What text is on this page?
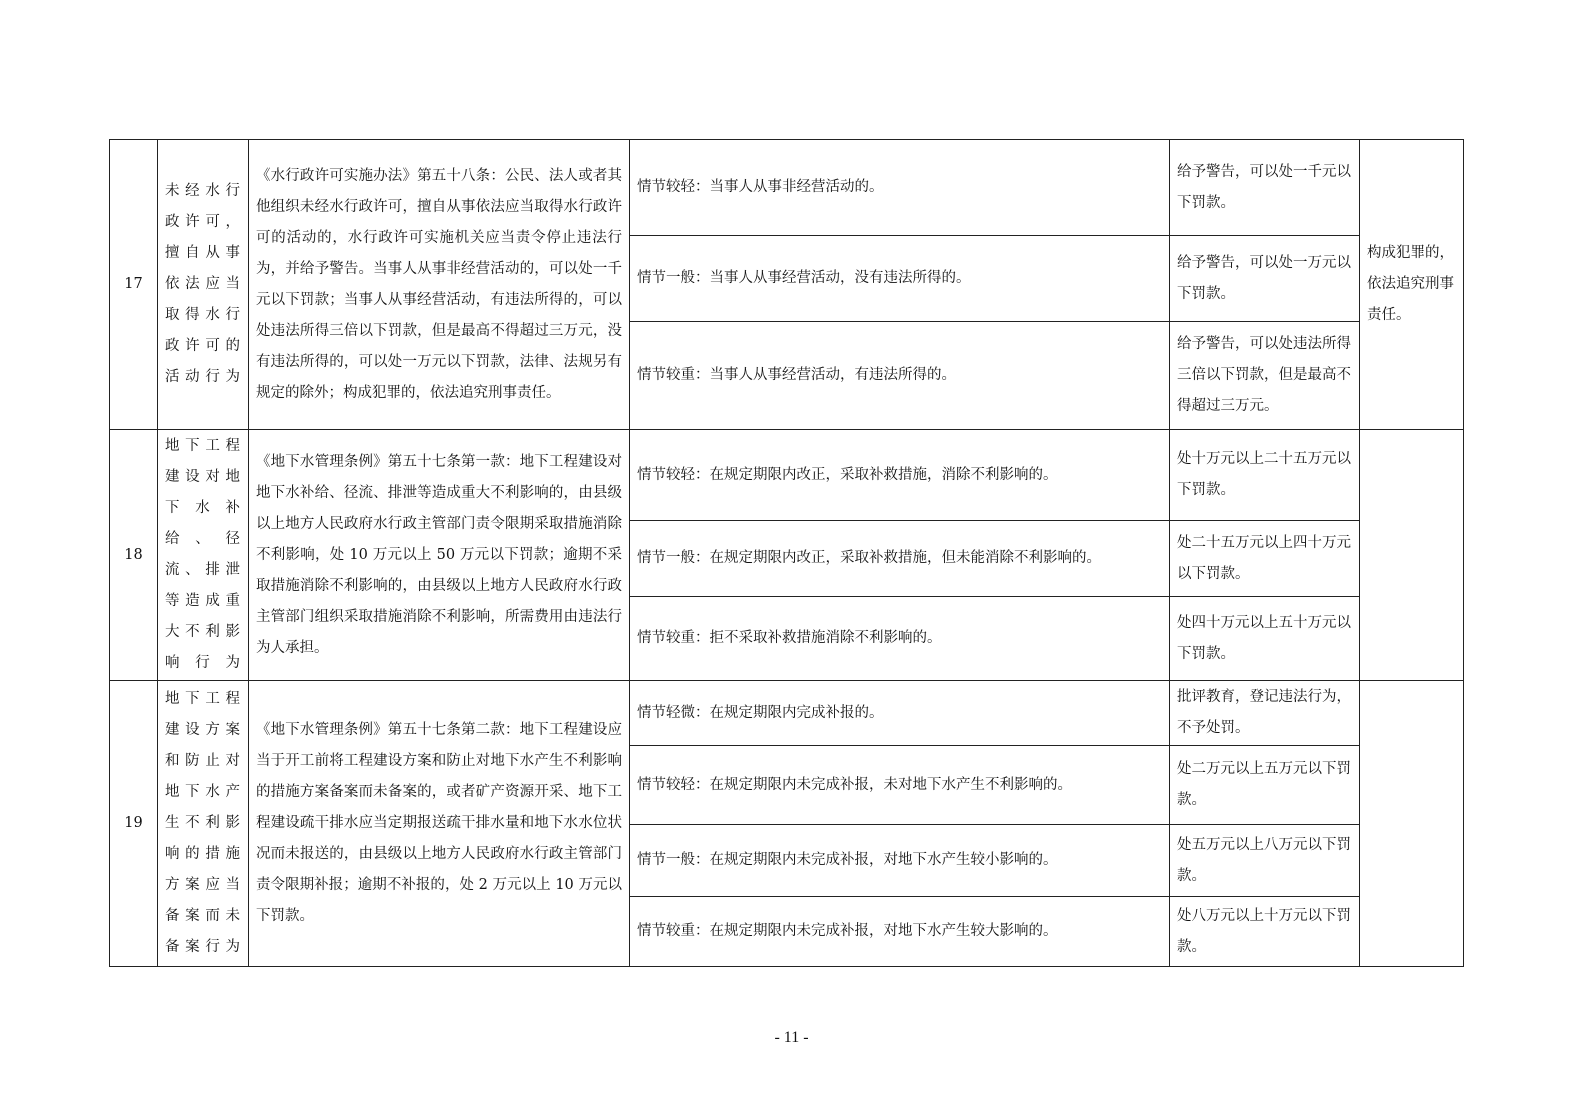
17	未经水行政许可，擅自从事依法应当取得水行政许可的活动行为	《水行政许可实施办法》第五十八条：公民、法人或者其他组织未经水行政许可，擅自从事依法应当取得水行政许可的活动的，水行政许可实施机关应当责令停止违法行为，并给予警告。当事人从事非经营活动的，可以处一千元以下罚款；当事人从事经营活动，有违法所得的，可以处违法所得三倍以下罚款，但是最高不得超过三万元，没有违法所得的，可以处一万元以下罚款，法律、法规另有规定的除外；构成犯罪的，依法追究刑事责任。	情节较轻：当事人从事非经营活动的。	给予警告，可以处一千元以下罚款。	构成犯罪的，依法追究刑事责任。
			情节一般：当事人从事经营活动，没有违法所得的。	给予警告，可以处一万元以下罚款。	
			情节较重：当事人从事经营活动，有违法所得的。	给予警告，可以处违法所得三倍以下罚款，但是最高不得超过三万元。	
18	地下工程建设对地下水补给、径流、排泄等造成重大不利影响行为	《地下水管理条例》第五十七条第一款：地下工程建设对地下水补给、径流、排泄等造成重大不利影响的，由县级以上地方人民政府水行政主管部门责令限期采取措施消除不利影响，处 10 万元以上 50 万元以下罚款；逾期不采取措施消除不利影响的，由县级以上地方人民政府水行政主管部门组织采取措施消除不利影响，所需费用由违法行为人承担。	情节较轻：在规定期限内改正，采取补救措施，消除不利影响的。	处十万元以上二十五万元以下罚款。	
			情节一般：在规定期限内改正，采取补救措施，但未能消除不利影响的。	处二十五万元以上四十万元以下罚款。	
			情节较重：拒不采取补救措施消除不利影响的。	处四十万元以上五十万元以下罚款。	
19	地下工程建设方案和防止对地下水产生不利影响的措施方案应当备案而未备案行为	《地下水管理条例》第五十七条第二款：地下工程建设应当于开工前将工程建设方案和防止对地下水产生不利影响的措施方案备案而未备案的，或者矿产资源开采、地下工程建设疏干排水应当定期报送疏干排水量和地下水水位状况而未报送的，由县级以上地方人民政府水行政主管部门责令限期补报；逾期不补报的，处 2 万元以上 10 万元以下罚款。	情节轻微：在规定期限内完成补报的。	批评教育，登记违法行为，不予处罚。	
			情节较轻：在规定期限内未完成补报，未对地下水产生不利影响的。	处二万元以上五万元以下罚款。	
			情节一般：在规定期限内未完成补报，对地下水产生较小影响的。	处五万元以上八万元以下罚款。	
			情节较重：在规定期限内未完成补报，对地下水产生较大影响的。	处八万元以上十万元以下罚款。	
- 11 -
